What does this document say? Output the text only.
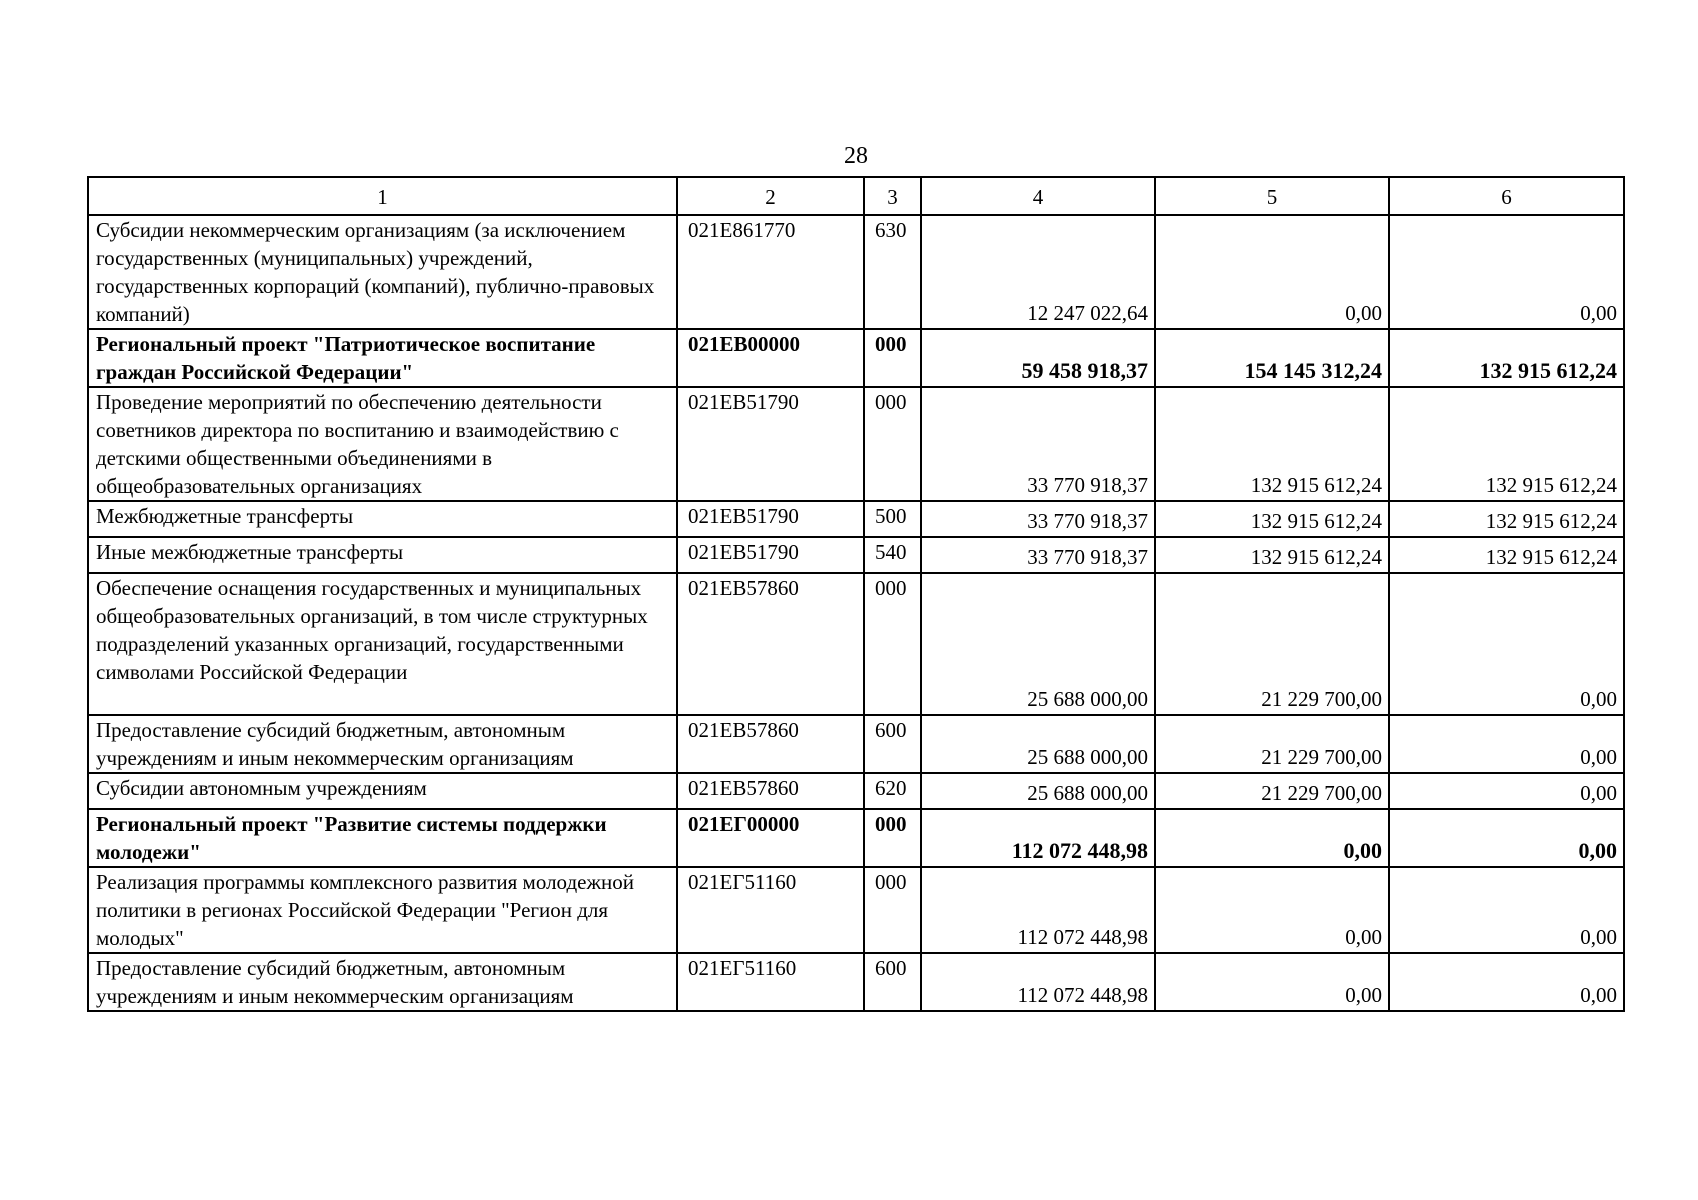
28
1	2	3	4	5	6
Субсидии некоммерческим организациям (за исключением государственных (муниципальных) учреждений, государственных корпораций (компаний), публично-правовых компаний)	021E861770	630	12 247 022,64	0,00	0,00
Региональный проект "Патриотическое воспитание граждан Российской Федерации"	021EB00000	000	59 458 918,37	154 145 312,24	132 915 612,24
Проведение мероприятий по обеспечению деятельности советников директора по воспитанию и взаимодействию с детскими общественными объединениями в общеобразовательных организациях	021EB51790	000	33 770 918,37	132 915 612,24	132 915 612,24
Межбюджетные трансферты	021EB51790	500	33 770 918,37	132 915 612,24	132 915 612,24
Иные межбюджетные трансферты	021EB51790	540	33 770 918,37	132 915 612,24	132 915 612,24
Обеспечение оснащения государственных и муниципальных общеобразовательных организаций, в том числе структурных подразделений указанных организаций, государственными символами Российской Федерации	021EB57860	000	25 688 000,00	21 229 700,00	0,00
Предоставление субсидий бюджетным, автономным учреждениям и иным некоммерческим организациям	021EB57860	600	25 688 000,00	21 229 700,00	0,00
Субсидии автономным учреждениям	021EB57860	620	25 688 000,00	21 229 700,00	0,00
Региональный проект "Развитие системы поддержки молодежи"	021EГ00000	000	112 072 448,98	0,00	0,00
Реализация программы комплексного развития молодежной политики в регионах Российской Федерации "Регион для молодых"	021EГ51160	000	112 072 448,98	0,00	0,00
Предоставление субсидий бюджетным, автономным учреждениям и иным некоммерческим организациям	021EГ51160	600	112 072 448,98	0,00	0,00
